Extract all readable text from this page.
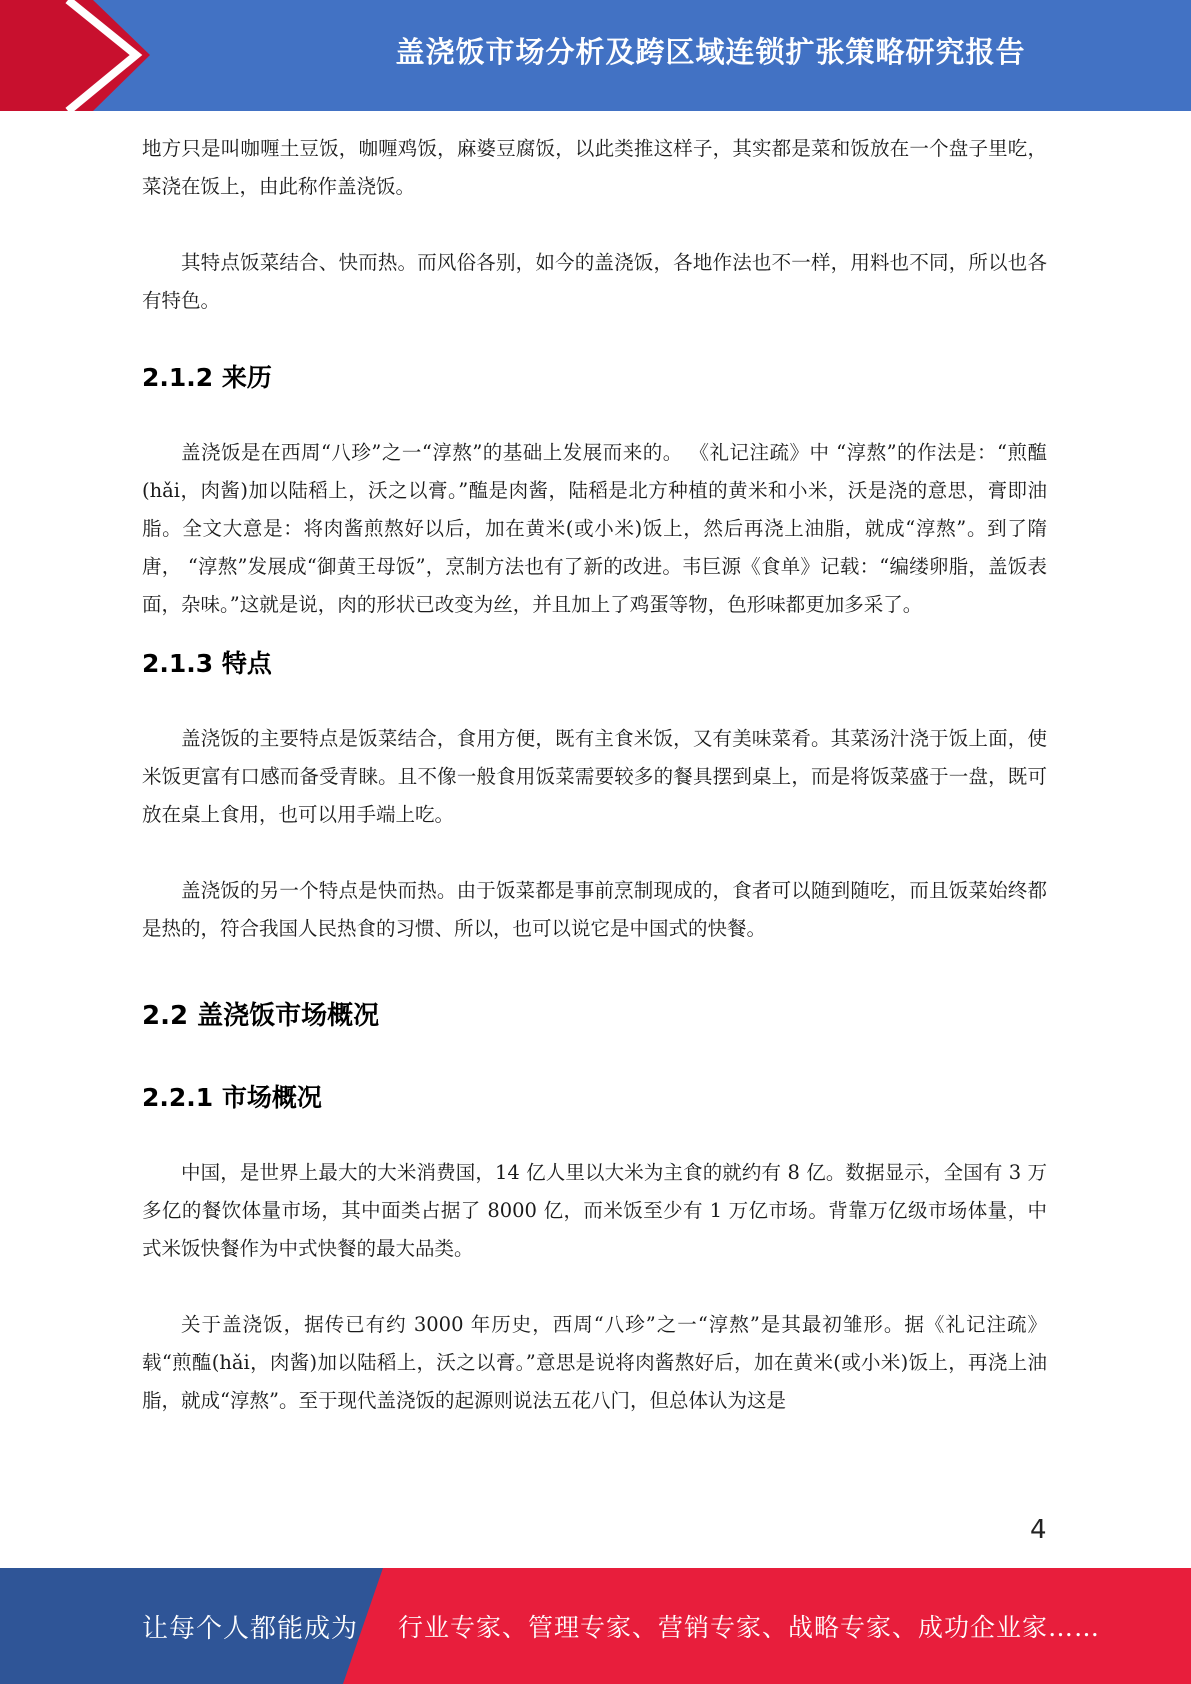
盖浇饭市场分析及跨区域连锁扩张策略研究报告

地方只是叫咖喱土豆饭，咖喱鸡饭，麻婆豆腐饭，以此类推这样子，其实都是菜和饭放在一个盘子里吃，菜浇在饭上，由此称作盖浇饭。

其特点饭菜结合、快而热。而风俗各别，如今的盖浇饭，各地作法也不一样，用料也不同，所以也各有特色。

2.1.2 来历

盖浇饭是在西周“八珍”之一“淳熬”的基础上发展而来的。 《礼记注疏》中 “淳熬”的作法是：“煎醢(hǎi，肉酱)加以陆稻上，沃之以膏。”醢是肉酱，陆稻是北方种植的黄米和小米，沃是浇的意思，膏即油脂。全文大意是：将肉酱煎熬好以后，加在黄米(或小米)饭上，然后再浇上油脂，就成“淳熬”。到了隋唐， “淳熬”发展成“御黄王母饭”，烹制方法也有了新的改进。韦巨源《食单》记载：“编缕卵脂，盖饭表面，杂味。”这就是说，肉的形状已改变为丝，并且加上了鸡蛋等物，色形味都更加多采了。

2.1.3 特点

盖浇饭的主要特点是饭菜结合，食用方便，既有主食米饭，又有美味菜肴。其菜汤汁浇于饭上面，使米饭更富有口感而备受青睐。且不像一般食用饭菜需要较多的餐具摆到桌上，而是将饭菜盛于一盘，既可放在桌上食用，也可以用手端上吃。

盖浇饭的另一个特点是快而热。由于饭菜都是事前烹制现成的，食者可以随到随吃，而且饭菜始终都是热的，符合我国人民热食的习惯、所以，也可以说它是中国式的快餐。

2.2 盖浇饭市场概况
2.2.1 市场概况

中国，是世界上最大的大米消费国，14 亿人里以大米为主食的就约有 8 亿。数据显示，全国有 3 万多亿的餐饮体量市场，其中面类占据了 8000 亿，而米饭至少有 1 万亿市场。背靠万亿级市场体量，中式米饭快餐作为中式快餐的最大品类。

关于盖浇饭，据传已有约 3000 年历史，西周“八珍”之一“淳熬”是其最初雏形。据《礼记注疏》载“煎醢(hǎi，肉酱)加以陆稻上，沃之以膏。”意思是说将肉酱熬好后，加在黄米(或小米)饭上，再浇上油脂，就成“淳熬”。至于现代盖浇饭的起源则说法五花八门，但总体认为这是

4
让每个人都能成为 行业专家、管理专家、营销专家、战略专家、成功企业家……
